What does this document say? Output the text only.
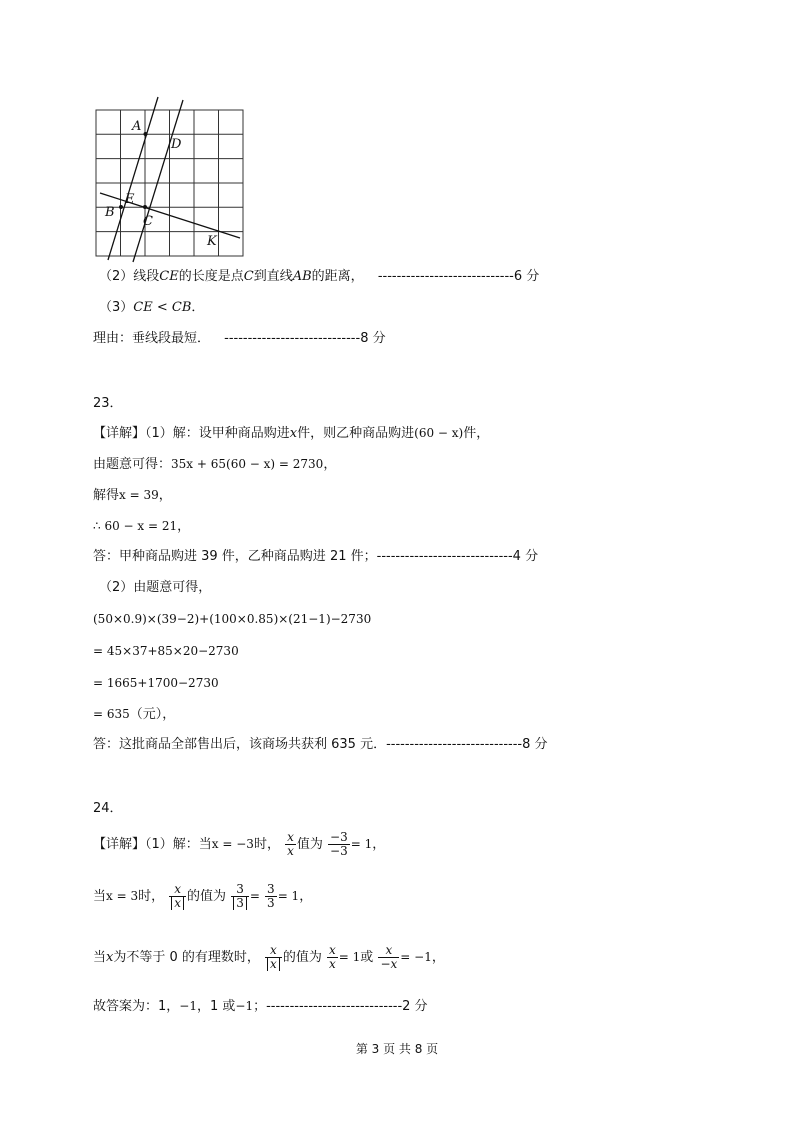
A
D
E
B
C
K
（2）线段CE的长度是点C到直线AB的距离， -----------------------------6 分
（3）CE < CB．
理由：垂线段最短． -----------------------------8 分
23．
【详解】（1）解：设甲种商品购进x件，则乙种商品购进(60 − x)件，
由题意可得：35x + 65(60 − x) = 2730，
解得x = 39，
∴ 60 − x = 21，
答：甲种商品购进 39 件，乙种商品购进 21 件；-----------------------------4 分
（2）由题意可得，
(50×0.9)×(39−2)+(100×0.85)×(21−1)−2730
= 45×37+85×20−2730
= 1665+1700−2730
= 635（元），
答：这批商品全部售出后，该商场共获利 635 元．-----------------------------8 分
24．
【详解】（1）解：当x = −3时， $\frac{x}{x}$ 值为 $\frac{-3}{-3} = 1$，
当x = 3时， $\frac{x}{x}$ 的值为 $\frac{3}{3} = \frac{3}{3} = 1$，
当x为不等于 0 的有理数时， $\frac{x}{x}$ 的值为 $\frac{x}{x} = 1$或 $\frac{x}{-x} = -1$，
故答案为：1，−1，1 或−1；-----------------------------2 分
第 3 页 共 8 页
